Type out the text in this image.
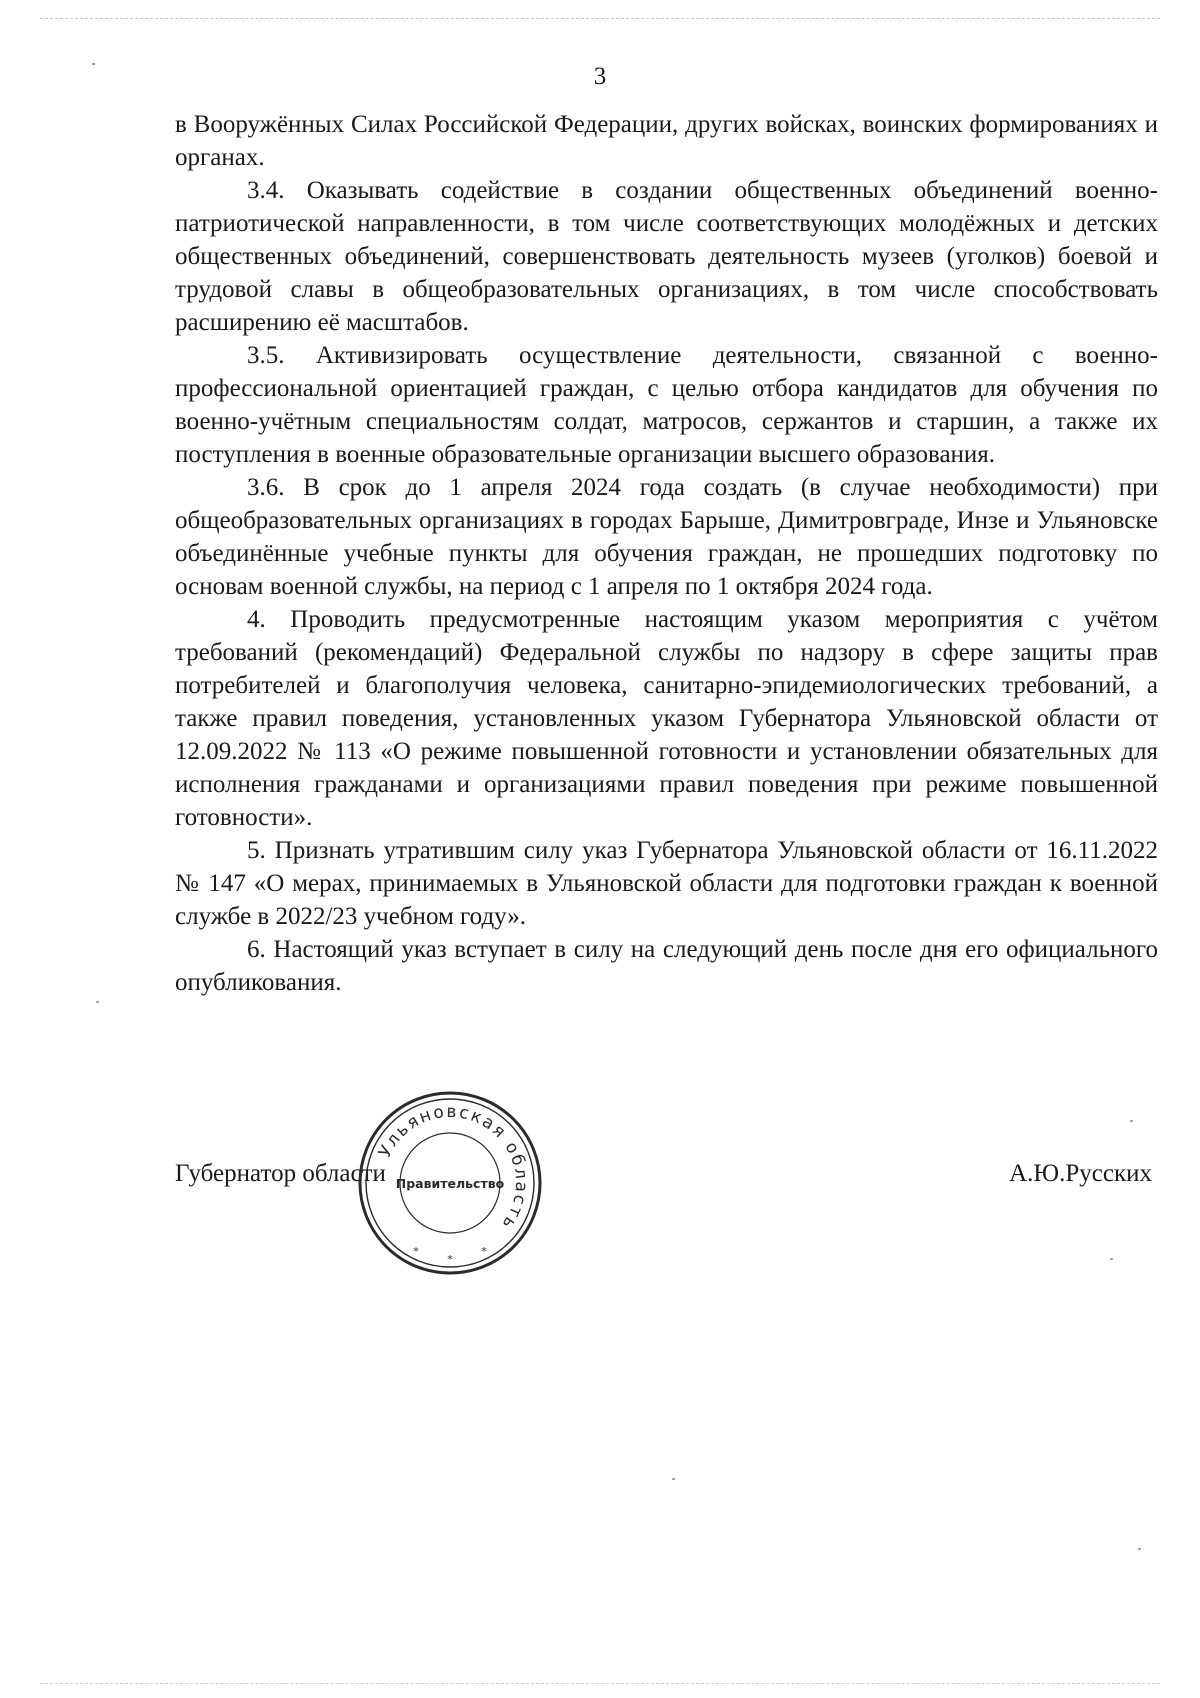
3

в Вооружённых Силах Российской Федерации, других войсках, воинских формированиях и органах.

3.4. Оказывать содействие в создании общественных объединений военно-патриотической направленности, в том числе соответствующих молодёжных и детских общественных объединений, совершенствовать деятельность музеев (уголков) боевой и трудовой славы в общеобразовательных организациях, в том числе способствовать расширению её масштабов.

3.5. Активизировать осуществление деятельности, связанной с военно-профессиональной ориентацией граждан, с целью отбора кандидатов для обучения по военно-учётным специальностям солдат, матросов, сержантов и старшин, а также их поступления в военные образовательные организации высшего образования.

3.6. В срок до 1 апреля 2024 года создать (в случае необходимости) при общеобразовательных организациях в городах Барыше, Димитровграде, Инзе и Ульяновске объединённые учебные пункты для обучения граждан, не прошедших подготовку по основам военной службы, на период с 1 апреля по 1 октября 2024 года.

4. Проводить предусмотренные настоящим указом мероприятия с учётом требований (рекомендаций) Федеральной службы по надзору в сфере защиты прав потребителей и благополучия человека, санитарно-эпидемиологических требований, а также правил поведения, установленных указом Губернатора Ульяновской области от 12.09.2022 № 113 «О режиме повышенной готовности и установлении обязательных для исполнения гражданами и организациями правил поведения при режиме повышенной готовности».

5. Признать утратившим силу указ Губернатора Ульяновской области от 16.11.2022 № 147 «О мерах, принимаемых в Ульяновской области для подготовки граждан к военной службе в 2022/23 учебном году».

6. Настоящий указ вступает в силу на следующий день после дня его официального опубликования.

Губернатор области	А.Ю.Русских
Ульяновская область
Правительство
*
*
*
